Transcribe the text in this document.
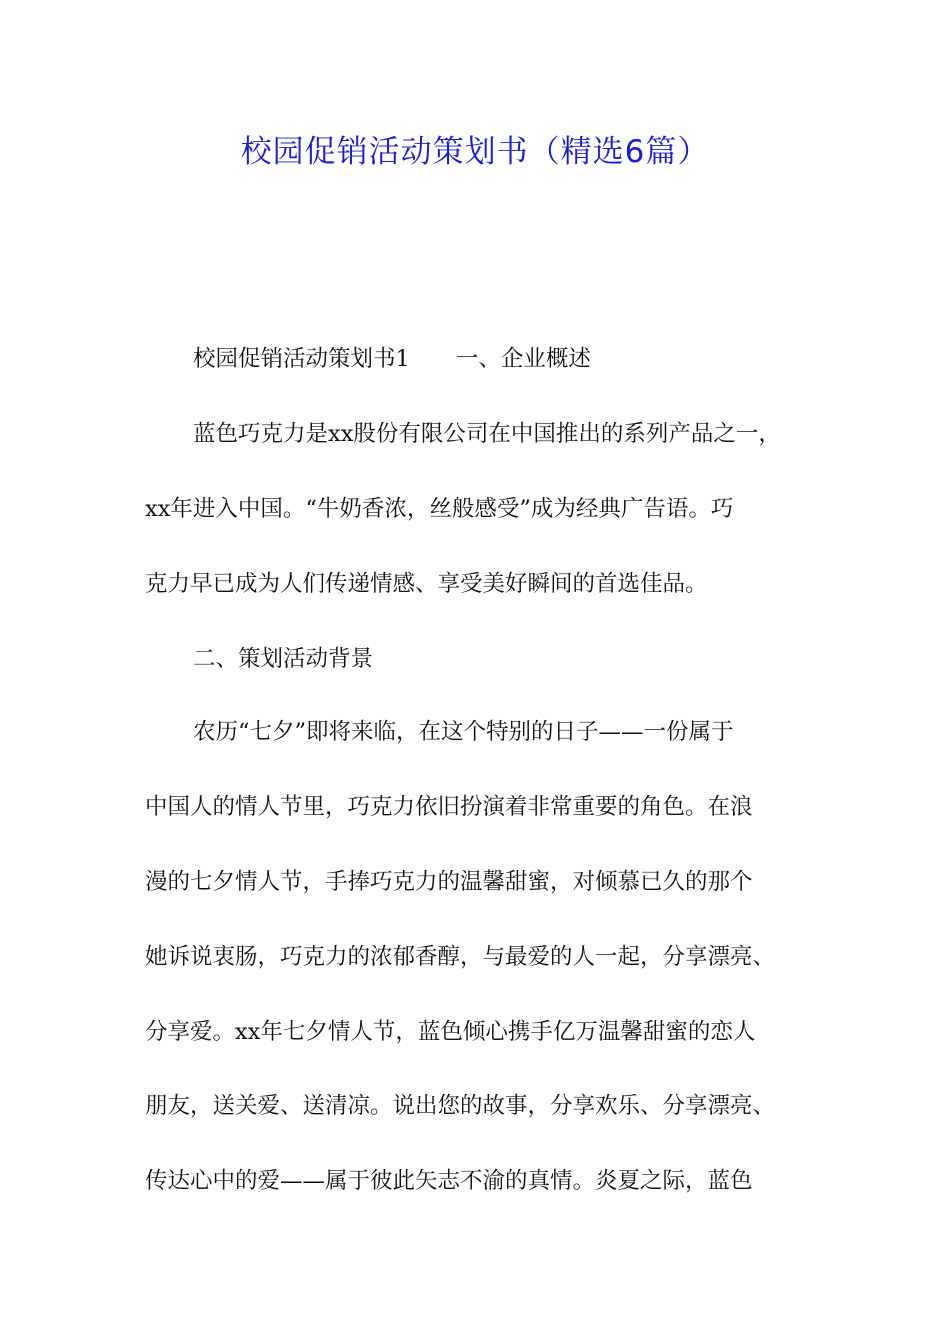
校园促销活动策划书（精选6篇）

校园促销活动策划书1 一、企业概述

蓝色巧克力是xx股份有限公司在中国推出的系列产品之一，

xx年进入中国。“牛奶香浓，丝般感受”成为经典广告语。巧

克力早已成为人们传递情感、享受美好瞬间的首选佳品。

二、策划活动背景

农历“七夕”即将来临，在这个特别的日子——一份属于

中国人的情人节里，巧克力依旧扮演着非常重要的角色。在浪

漫的七夕情人节，手捧巧克力的温馨甜蜜，对倾慕已久的那个

她诉说衷肠，巧克力的浓郁香醇，与最爱的人一起，分享漂亮、

分享爱。xx年七夕情人节，蓝色倾心携手亿万温馨甜蜜的恋人

朋友，送关爱、送清凉。说出您的故事，分享欢乐、分享漂亮、

传达心中的爱——属于彼此矢志不渝的真情。炎夏之际，蓝色
